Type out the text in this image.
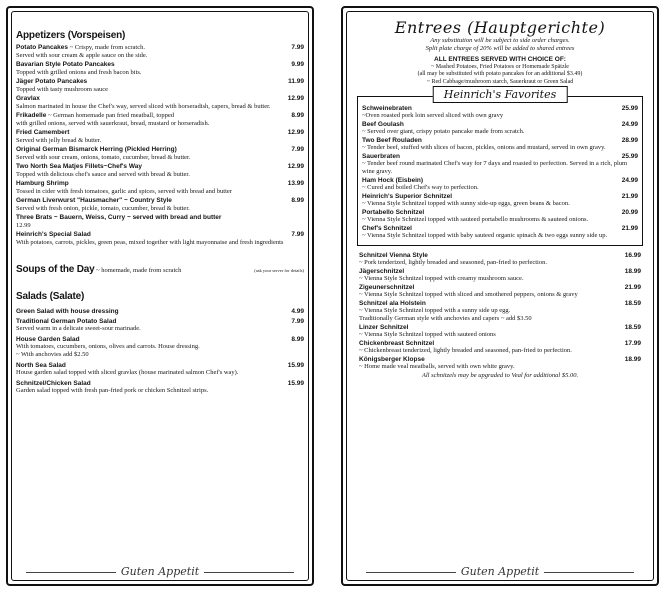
Appetizers (Vorspeisen)
Potato Pancakes ~ Crispy, made from scratch.	7.99
Served with sour cream & apple sauce on the side.
Bavarian Style Potato Pancakes	9.99
Topped with grilled onions and fresh bacon bits.
Jäger Potato Pancakes	11.99
Topped with tasty mushroom sauce
Gravlax	12.99
Salmon marinated in house the Chef's way, served sliced with horseradish, capers, bread & butter.
Frikadelle ~ German homemade pan fried meatball, topped	8.99
with grilled onions, served with sauerkraut, bread, mustard or horseradish.
Fried Camembert	12.99
Served with jelly bread & butter.
Original German Bismarck Herring (Pickled Herring)	7.99
Served with sour cream, onions, tomato, cucumber, bread & butter.
Two North Sea Matjes Fillets~Chef's Way	12.99
Topped with delicious chef's sauce and served with bread & butter.
Hamburg Shrimp	13.99
Tossed in cider with fresh tomatoes, garlic and spices, served with bread and butter
German Liverwurst "Hausmacher" ~ Country Style	8.99
Served with fresh onion, pickle, tomato, cucumber, bread & butter.
Three Brats ~ Bauern, Weiss, Curry ~ served with bread and butter
12.99
Heinrich's Special Salad	7.99
With potatoes, carrots, pickles, green peas, mixed together with light mayonnaise and fresh ingredients
Soups of the Day ~ homemade, made from scratch	(ask your server for details)
Salads (Salate)
Green Salad with house dressing	4.99
Traditional German Potato Salad	7.99
Served warm in a delicate sweet-sour marinade.
House Garden Salad	8.99
With tomatoes, cucumbers, onions, olives and carrots. House dressing.
~ With anchovies add $2.50
North Sea Salad	15.99
House garden salad topped with sliced gravlax (house marinated salmon Chef's way).
Schnitzel/Chicken Salad	15.99
Garden salad topped with fresh pan-fried pork or chicken Schnitzel strips.
Guten Appetit
Entrees (Hauptgerichte)
Any substitution will be subject to side order charges.
Split plate charge of 20% will be added to shared entrees
ALL ENTREES SERVED WITH CHOICE OF:
~ Mashed Potatoes, Fried Potatoes or Homemade Spätzle
(all may be substituted with potato pancakes for an additional $3.49)
~ Red Cabbage/mushroom starch, Sauerkraut or Green Salad
Heinrich's Favorites
Schweinebraten	25.99
~Oven roasted pork loin served sliced with own gravy
Beef Goulash	24.99
~ Served over giant, crispy potato pancake made from scratch.
Two Beef Rouladen	28.99
~ Tender beef, stuffed with slices of bacon, pickles, onions and mustard, served in own gravy.
Sauerbraten	25.99
~ Tender beef round marinated Chef's way for 7 days and roasted to perfection. Served in a rich, plum wine gravy.
Ham Hock (Eisbein)	24.99
~ Cured and boiled Chef's way to perfection.
Heinrich's Superior Schnitzel	21.99
~ Vienna Style Schnitzel topped with sunny side-up eggs, green beans & bacon.
Portabello Schnitzel	20.99
~ Vienna Style Schnitzel topped with sauteed portabello mushrooms & sauteed onions.
Chef's Schnitzel	21.99
~ Vienna Style Schnitzel topped with baby sauteed organic spinach & two eggs sunny side up.
Schnitzel Vienna Style	16.99
~ Pork tenderized, lightly breaded and seasoned, pan-fried to perfection.
Jägerschnitzel	18.99
~ Vienna Style Schnitzel topped with creamy mushroom sauce.
Zigeunerschnitzel	21.99
~ Vienna Style Schnitzel topped with sliced and smothered peppers, onions & gravy
Schnitzel ala Holstein	18.59
~ Vienna Style Schnitzel topped with a sunny side up egg.
Traditionally German style with anchovies and capers ~ add $3.50
Linzer Schnitzel	18.59
~ Vienna Style Schnitzel topped with sauteed onions
Chickenbreast Schnitzel	17.99
~ Chickenbreast tenderized, lightly breaded and seasoned, pan-fried to perfection.
Königsberger Klopse	18.99
~ Home made veal meatballs, served with own white gravy.
All schnitzels may be upgraded to Veal for additional $5.00.
Guten Appetit
